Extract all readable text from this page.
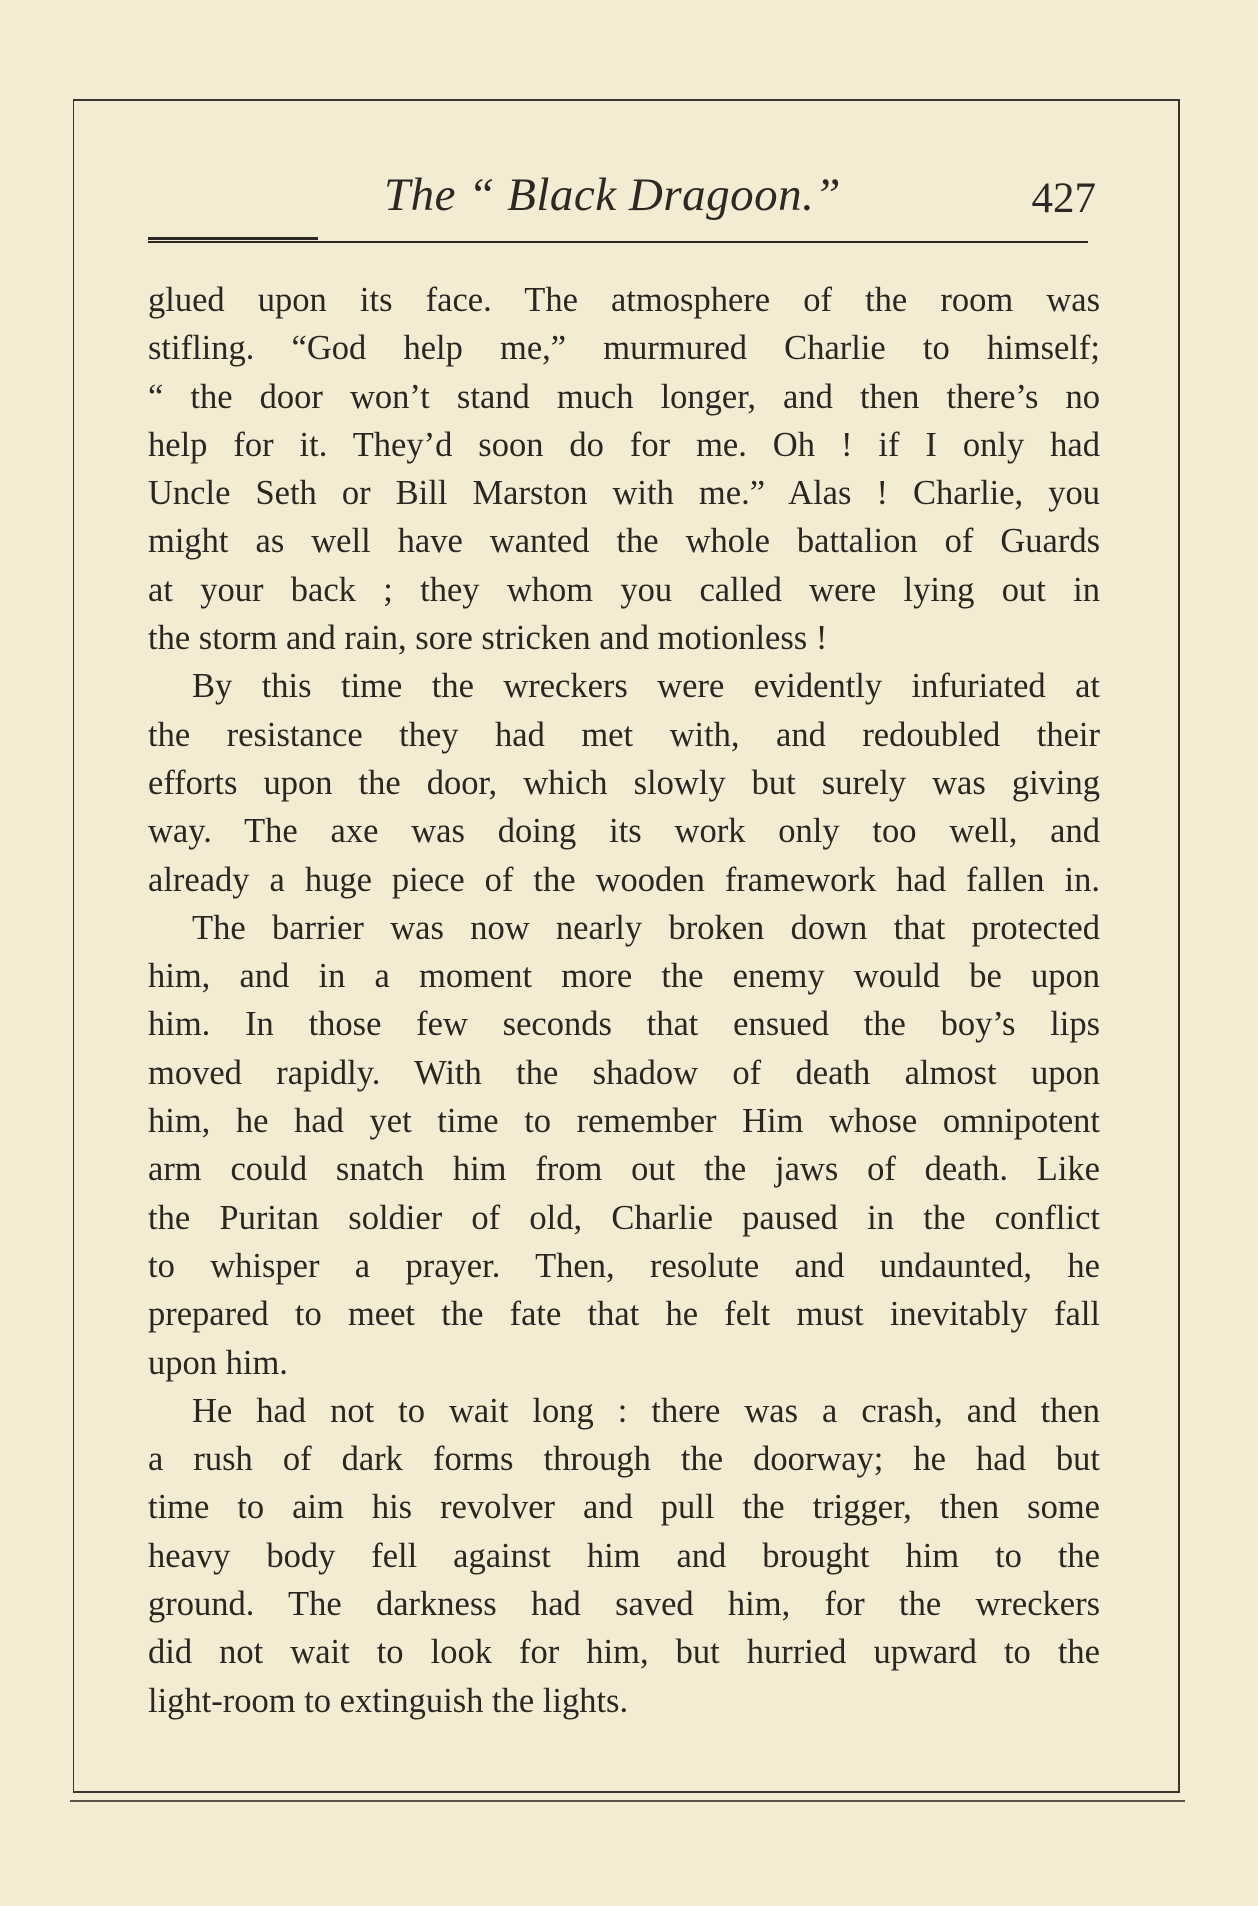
The “ Black Dragoon.”	427
glued upon its face. The atmosphere of the room was
stifling. “God help me,” murmured Charlie to himself;
“ the door won’t stand much longer, and then there’s no
help for it. They’d soon do for me. Oh ! if I only had
Uncle Seth or Bill Marston with me.” Alas ! Charlie, you
might as well have wanted the whole battalion of Guards
at your back ; they whom you called were lying out in
the storm and rain, sore stricken and motionless !
By this time the wreckers were evidently infuriated at
the resistance they had met with, and redoubled their
efforts upon the door, which slowly but surely was giving
way. The axe was doing its work only too well, and
already a huge piece of the wooden framework had fallen in.
The barrier was now nearly broken down that protected
him, and in a moment more the enemy would be upon
him. In those few seconds that ensued the boy’s lips
moved rapidly. With the shadow of death almost upon
him, he had yet time to remember Him whose omnipotent
arm could snatch him from out the jaws of death. Like
the Puritan soldier of old, Charlie paused in the conflict
to whisper a prayer. Then, resolute and undaunted, he
prepared to meet the fate that he felt must inevitably fall
upon him.
He had not to wait long : there was a crash, and then
a rush of dark forms through the doorway; he had but
time to aim his revolver and pull the trigger, then some
heavy body fell against him and brought him to the
ground. The darkness had saved him, for the wreckers
did not wait to look for him, but hurried upward to the
light-room to extinguish the lights.
